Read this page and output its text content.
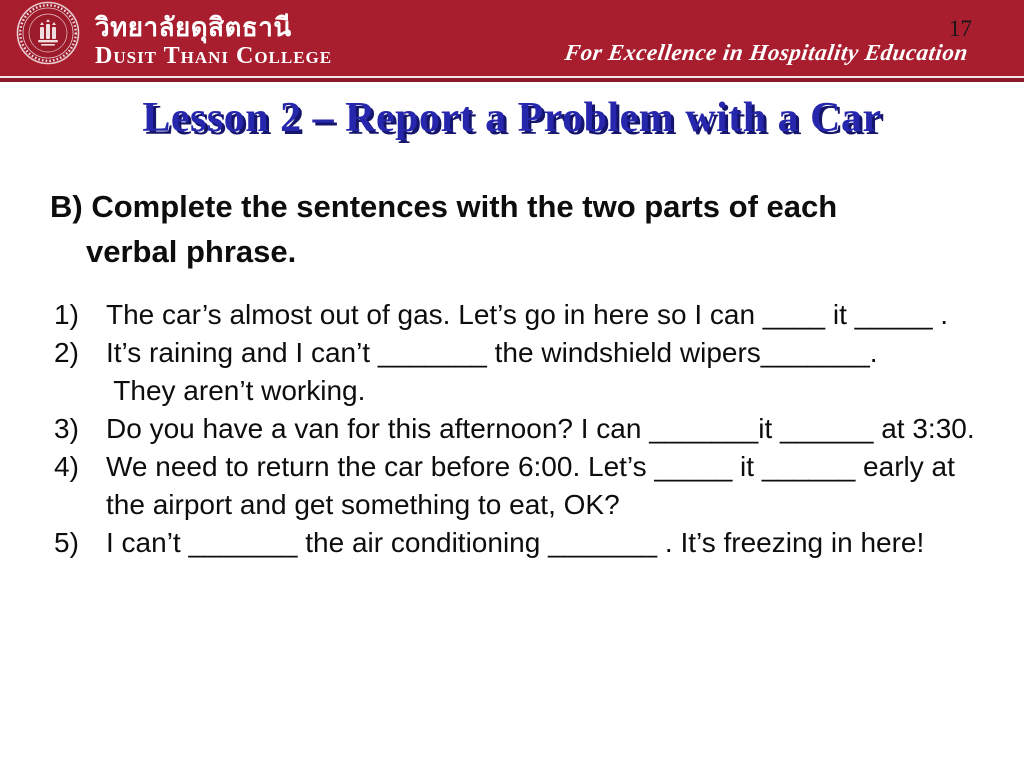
วิทยาลัยดุสิตธานี
Dusit Thani College
17
For Excellence in Hospitality Education
Lesson 2 – Report a Problem with a Car
B) Complete the sentences with the two parts of each
verbal phrase.
1) The car’s almost out of gas. Let’s go in here so I can ____ it _____ .
2) It’s raining and I can’t _______ the windshield wipers_______.
They aren’t working.
3) Do you have a van for this afternoon? I can _______it ______ at 3:30.
4) We need to return the car before 6:00. Let’s _____ it ______ early at
the airport and get something to eat, OK?
5) I can’t _______ the air conditioning _______ . It’s freezing in here!
